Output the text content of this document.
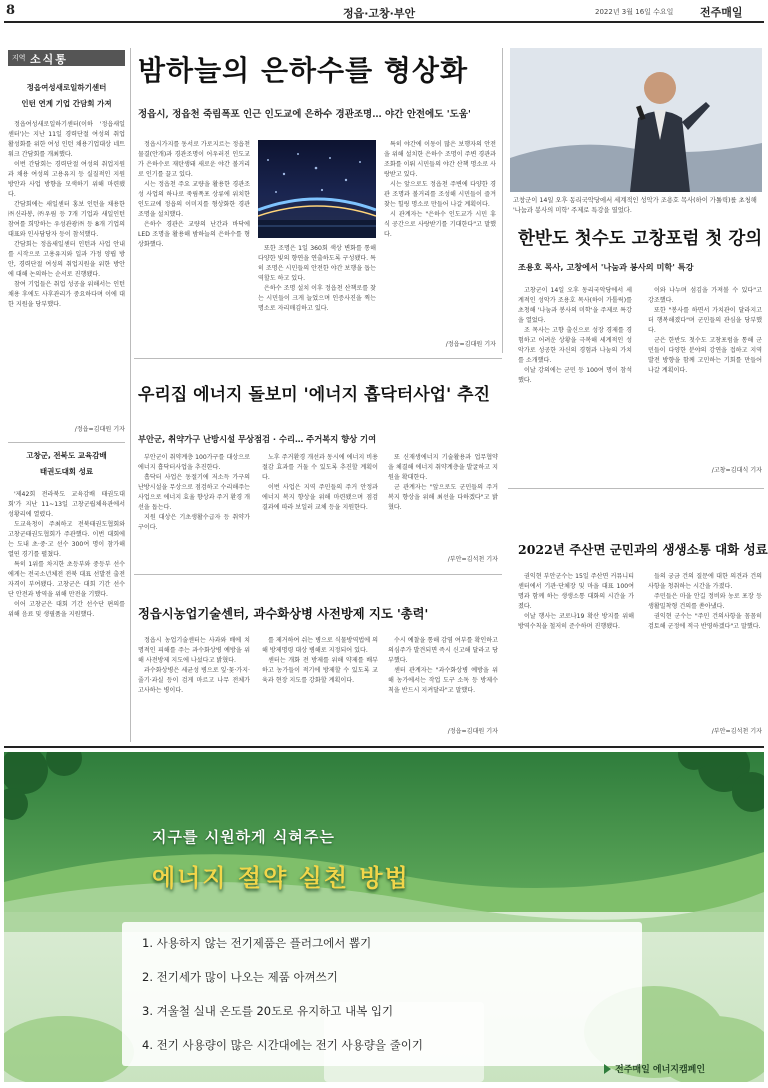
8	정읍·고창·부안	2022년 3월 16일 수요일 전주매일
지역 소식통
정읍여성새로일하기센터
인턴 연계 기업 간담회 가져

정읍여성새로일하기센터(이하 '정읍새일센터')는 지난 11일 경력단절 여성의 취업 활성화를 위한 여성 인턴 채용기업대상 네트워크 간담회를 개최했다.

이번 간담회는 경력단절 여성의 취업지원과 채용 여성의 고용유지 등 실질적인 지원 방안과 사업 방향을 모색하기 위해 마련됐다.

간담회에는 새일센터 홍보 인턴을 채용한 ㈜신라봉, ㈜우림 등 7개 기업과 새일인턴 참여를 희망하는 우성관광㈜ 등 8개 기업의 대표와 인사담당자 등이 참석했다.

간담회는 정읍새일센터 인턴과 사업 안내를 시작으로 고용유지와 일과 가정 양립 방안, 경력단절 여성의 취업지원을 위한 방안에 대해 논의하는 순서로 진행됐다.

참여 기업들은 취업 성공을 위해서는 인턴 채용 후에도 사후관리가 중요하다며 이에 대한 지원을 당부했다.

/정읍=김대원 기자
고창군, 전북도 교육감배
태권도대회 성료

'제42회 전라북도 교육감배 태권도대회'가 지난 11~13일 고창군립체육관에서 성황리에 열렸다.

도교육청이 주최하고 전북태권도협회와 고창군태권도협회가 주관했다. 이번 대회에는 도내 초·중·고 선수 300여 명이 참가해 열띤 경기를 펼쳤다.

특히 1위를 차지한 초등부와 중등부 선수에게는 전국소년체전 전북 대표 선발전 출전 자격이 부여됐다. 고창군은 대회 기간 선수단 안전과 방역을 위해 만전을 기했다.

이어 고창군은 대회 기간 선수단 편의를 위해 음료 및 생필품을 지원했다.

밤하늘의 은하수를 형상화
정읍시, 정읍천 죽림폭포 인근 인도교에 은하수 경관조명… 야간 안전에도 '도움'

정읍시가지를 동서로 가로지르는 정읍천 물결(안개)과 경관조명이 어우러진 인도교가 은하수로 재탄생돼 새로운 야간 볼거리로 인기를 끌고 있다.

시는 정읍천 주요 교량을 활용한 경관조성 사업의 하나로 죽림폭포 상류에 위치한 인도교에 정읍의 이미지를 형상화한 경관조명을 설치했다.

은하수 경관은 교량의 난간과 바닥에 LED 조명을 활용해 밤하늘의 은하수를 형상화했다.

또한 조명은 1일 360회 색상 변화를 통해 다양한 빛의 향연을 연출하도록 구성됐다. 특히 조명은 시민들의 안전한 야간 보행을 돕는 역할도 하고 있다.

은하수 조명 설치 이후 정읍천 산책로를 찾는 시민들이 크게 늘었으며 인증사진을 찍는 명소로 자리매김하고 있다.

특히 야간에 이동이 많은 보행자의 안전을 위해 설치한 은하수 조명이 주변 경관과 조화를 이뤄 시민들의 야간 산책 명소로 사랑받고 있다.

시는 앞으로도 정읍천 주변에 다양한 경관 조명과 볼거리를 조성해 시민들이 즐겨 찾는 힐링 명소로 만들어 나갈 계획이다.

시 관계자는 "은하수 인도교가 시민 휴식 공간으로 사랑받기를 기대한다"고 말했다.

/정읍=김대원 기자
고창군이 14일 오후 동리국악당에서 세계적인 성악가 조용호 목사(하이 가톨릭)를 초청해 '나눔과 봉사의 미학' 주제로 특강을 열었다.
한반도 첫수도 고창포럼 첫 강의
조용호 목사, 고창에서 '나눔과 봉사의 미학' 특강

고창군이 14일 오후 동리국악당에서 세계적인 성악가 조용호 목사(하이 가톨릭)를 초청해 '나눔과 봉사의 미학'을 주제로 특강을 열었다.

조 목사는 고향 출신으로 성장 경제를 경험하고 어려운 상황을 극복해 세계적인 성악가로 성공한 자신의 경험과 나눔의 가치를 소개했다.

이날 강의에는 군민 등 100여 명이 참석했다.

이와 나누며 섬김을 가져볼 수 있다"고 강조했다.

또한 "봉사를 하면서 가치관이 달라지고 더 행복해졌다"며 군민들의 관심을 당부했다.

군은 한반도 첫수도 고창포럼을 통해 군민들이 다양한 분야의 강연을 접하고 지역 발전 방향을 함께 고민하는 기회를 만들어 나갈 계획이다.

/고창=김대식 기자
우리집 에너지 돌보미 '에너지 흡닥터사업' 추진
부안군, 취약가구 난방시설 무상점검 · 수리… 주거복지 향상 기여

부안군이 취약계층 100가구를 대상으로 에너지 흡닥터사업을 추진한다.

흡닥터 사업은 동절기에 저소득 가구의 난방시설을 무상으로 점검하고 수리해주는 사업으로 에너지 효율 향상과 주거 환경 개선을 돕는다.

지원 대상은 기초생활수급자 등 취약가구이다.

노후 주거환경 개선과 동시에 에너지 비용 절감 효과를 거둘 수 있도록 추진할 계획이다.

이번 사업은 지역 주민들의 주거 안정과 에너지 복지 향상을 위해 마련됐으며 점검 결과에 따라 보일러 교체 등을 지원한다.

또 신재생에너지 기술활용과 업무협약을 체결해 에너지 취약계층을 발굴하고 지원을 확대한다.

군 관계자는 "앞으로도 군민들의 주거복지 향상을 위해 최선을 다하겠다"고 밝혔다.

/부안=김석천 기자
2022년 주산면 군민과의 생생소통 대화 성료

권익현 부안군수는 15일 주산면 커뮤니티센터에서 기관·단체장 및 마을 대표 100여 명과 함께 하는 생생소통 대화의 시간을 가졌다.

이날 행사는 코로나19 확산 방지를 위해 방역수칙을 철저히 준수하며 진행됐다.

들의 궁금 건의 질문에 대한 의견과 건의사항을 청취하는 시간을 가졌다.

주민들은 마을 안길 정비와 농로 포장 등 생활밀착형 건의를 쏟아냈다.

권익현 군수는 "주민 건의사항을 꼼꼼히 검토해 군정에 적극 반영하겠다"고 말했다.

/부안=김석천 기자
정읍시농업기술센터, 과수화상병 사전방제 지도 '총력'

정읍시 농업기술센터는 사과와 배에 치명적인 피해를 주는 과수화상병 예방을 위해 사전방제 지도에 나섰다고 밝혔다.

과수화상병은 세균성 병으로 잎·꽃·가지·줄기·과실 등이 검게 마르고 나무 전체가 고사하는 병이다.

를 제거하여 쉬는 병으로 식물방역법에 의해 방제명령 대상 병해로 지정되어 있다.

센터는 개화 전 방제를 위해 약제를 배부하고 농가들이 적기에 방제할 수 있도록 교육과 현장 지도를 강화할 계획이다.

수시 예찰을 통해 감염 여부를 확인하고 의심주가 발견되면 즉시 신고해 달라고 당부했다.

센터 관계자는 "과수화상병 예방을 위해 농가에서는 작업 도구 소독 등 방제수칙을 반드시 지켜달라"고 말했다.

/정읍=김대원 기자
지구를 시원하게 식혀주는
에너지 절약 실천 방법
1. 사용하지 않는 전기제품은 플러그에서 뽑기
2. 전기세가 많이 나오는 제품 아껴쓰기
3. 겨울철 실내 온도를 20도로 유지하고 내복 입기
4. 전기 사용량이 많은 시간대에는 전기 사용량을 줄이기
전주매일 에너지캠페인
